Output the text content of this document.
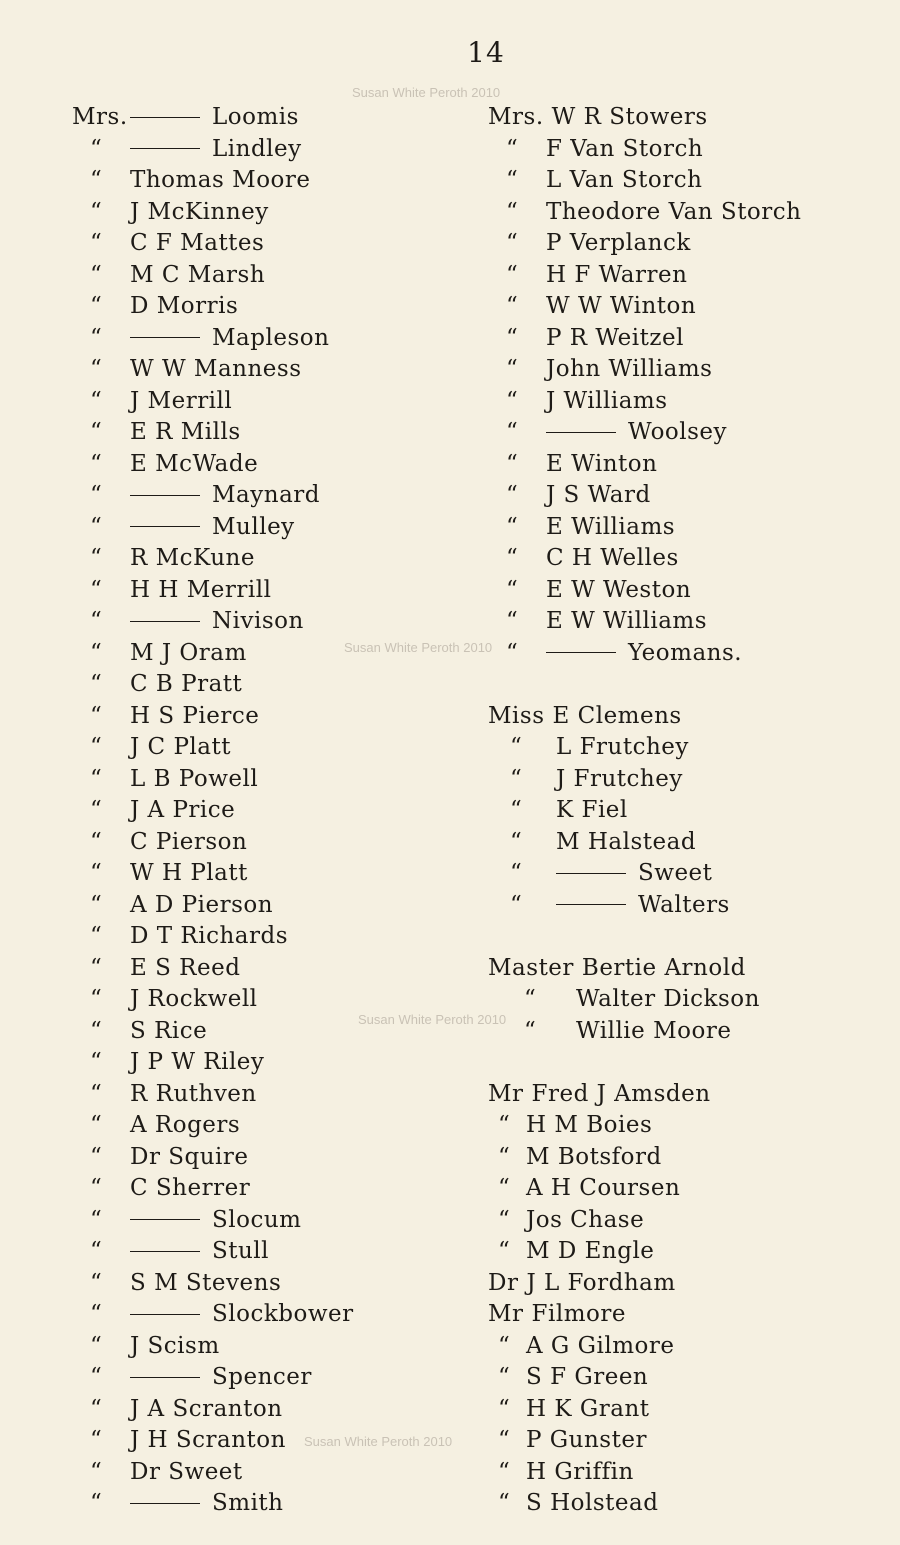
14
Susan White Peroth 2010
Susan White Peroth 2010
Susan White Peroth 2010
Susan White Peroth 2010
Mrs.	Loomis
“	Lindley
“ Thomas Moore
“ J McKinney
“ C F Mattes
“ M C Marsh
“ D Morris
“	Mapleson
“ W W Manness
“ J Merrill
“ E R Mills
“ E McWade
“	Maynard
“	Mulley
“ R McKune
“ H H Merrill
“	Nivison
“ M J Oram
“ C B Pratt
“ H S Pierce
“ J C Platt
“ L B Powell
“ J A Price
“ C Pierson
“ W H Platt
“ A D Pierson
“ D T Richards
“ E S Reed
“ J Rockwell
“ S Rice
“ J P W Riley
“ R Ruthven
“ A Rogers
“ Dr Squire
“ C Sherrer
“	Slocum
“	Stull
“ S M Stevens
“	Slockbower
“ J Scism
“	Spencer
“ J A Scranton
“ J H Scranton
“ Dr Sweet
“	Smith
Mrs. W R Stowers
“ F Van Storch
“ L Van Storch
“ Theodore Van Storch
“ P Verplanck
“ H F Warren
“ W W Winton
“ P R Weitzel
“ John Williams
“ J Williams
“	Woolsey
“ E Winton
“ J S Ward
“ E Williams
“ C H Welles
“ E W Weston
“ E W Williams
“	Yeomans.
Miss E Clemens
“ L Frutchey
“ J Frutchey
“ K Fiel
“ M Halstead
“	Sweet
“	Walters
Master Bertie Arnold
“ Walter Dickson
“ Willie Moore
Mr Fred J Amsden
“ H M Boies
“ M Botsford
“ A H Coursen
“ Jos Chase
“ M D Engle
Dr J L Fordham
Mr Filmore
“ A G Gilmore
“ S F Green
“ H K Grant
“ P Gunster
“ H Griffin
“ S Holstead
